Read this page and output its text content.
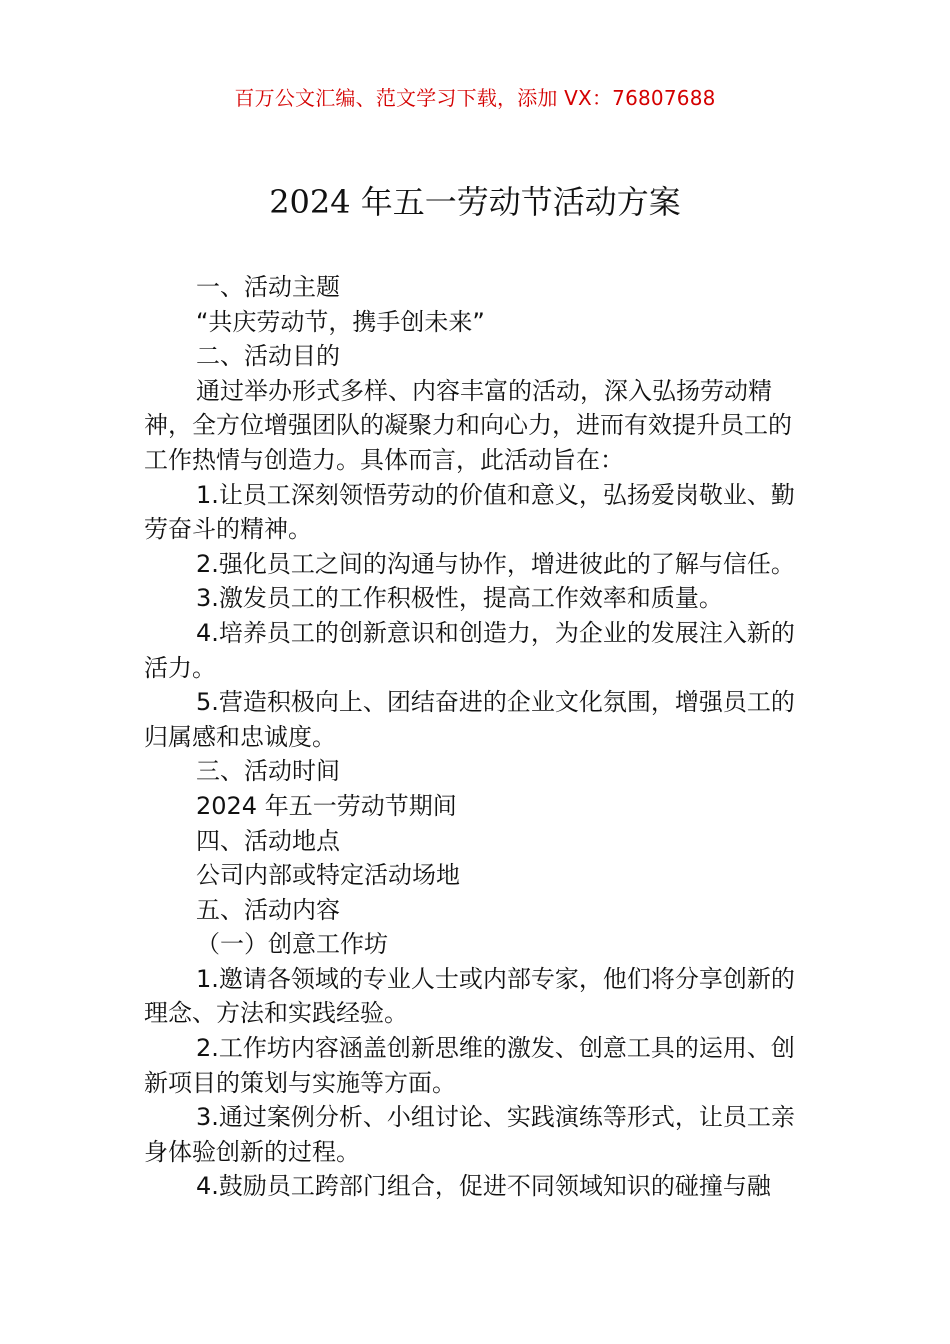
百万公文汇编、范文学习下载，添加 VX：76807688
2024 年五一劳动节活动方案

一、活动主题

“共庆劳动节，携手创未来”

二、活动目的

通过举办形式多样、内容丰富的活动，深入弘扬劳动精神，全方位增强团队的凝聚力和向心力，进而有效提升员工的工作热情与创造力。具体而言，此活动旨在：

1.让员工深刻领悟劳动的价值和意义，弘扬爱岗敬业、勤劳奋斗的精神。

2.强化员工之间的沟通与协作，增进彼此的了解与信任。

3.激发员工的工作积极性，提高工作效率和质量。

4.培养员工的创新意识和创造力，为企业的发展注入新的活力。

5.营造积极向上、团结奋进的企业文化氛围，增强员工的归属感和忠诚度。

三、活动时间

2024 年五一劳动节期间

四、活动地点

公司内部或特定活动场地

五、活动内容

（一）创意工作坊

1.邀请各领域的专业人士或内部专家，他们将分享创新的理念、方法和实践经验。

2.工作坊内容涵盖创新思维的激发、创意工具的运用、创新项目的策划与实施等方面。

3.通过案例分析、小组讨论、实践演练等形式，让员工亲身体验创新的过程。

4.鼓励员工跨部门组合，促进不同领域知识的碰撞与融
